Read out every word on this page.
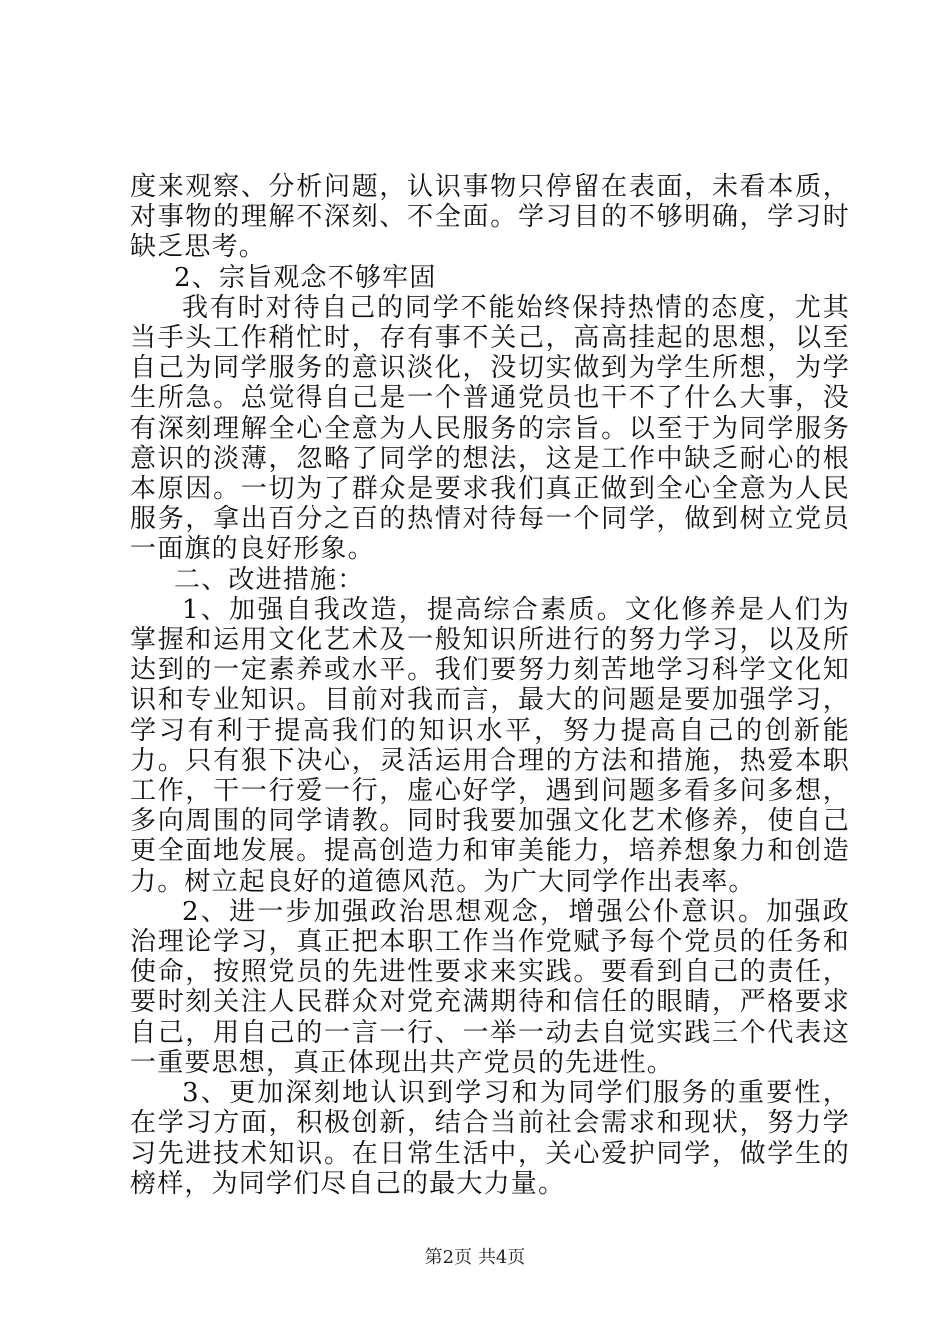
度来观察、分析问题，认识事物只停留在表面，未看本质，对事物的理解不深刻、不全面。学习目的不够明确，学习时缺乏思考。

2、宗旨观念不够牢固

我有时对待自己的同学不能始终保持热情的态度，尤其当手头工作稍忙时，存有事不关己，高高挂起的思想，以至自己为同学服务的意识淡化，没切实做到为学生所想，为学生所急。总觉得自己是一个普通党员也干不了什么大事，没有深刻理解全心全意为人民服务的宗旨。以至于为同学服务意识的淡薄，忽略了同学的想法，这是工作中缺乏耐心的根本原因。一切为了群众是要求我们真正做到全心全意为人民服务，拿出百分之百的热情对待每一个同学，做到树立党员一面旗的良好形象。

二、改进措施：

1、加强自我改造，提高综合素质。文化修养是人们为掌握和运用文化艺术及一般知识所进行的努力学习，以及所达到的一定素养或水平。我们要努力刻苦地学习科学文化知识和专业知识。目前对我而言，最大的问题是要加强学习，学习有利于提高我们的知识水平，努力提高自己的创新能力。只有狠下决心，灵活运用合理的方法和措施，热爱本职工作，干一行爱一行，虚心好学，遇到问题多看多问多想，多向周围的同学请教。同时我要加强文化艺术修养，使自己更全面地发展。提高创造力和审美能力，培养想象力和创造力。树立起良好的道德风范。为广大同学作出表率。

2、进一步加强政治思想观念，增强公仆意识。加强政治理论学习，真正把本职工作当作党赋予每个党员的任务和使命，按照党员的先进性要求来实践。要看到自己的责任，要时刻关注人民群众对党充满期待和信任的眼睛，严格要求自己，用自己的一言一行、一举一动去自觉实践三个代表这一重要思想，真正体现出共产党员的先进性。

3、更加深刻地认识到学习和为同学们服务的重要性，在学习方面，积极创新，结合当前社会需求和现状，努力学习先进技术知识。在日常生活中，关心爱护同学，做学生的榜样，为同学们尽自己的最大力量。

第2页 共4页
